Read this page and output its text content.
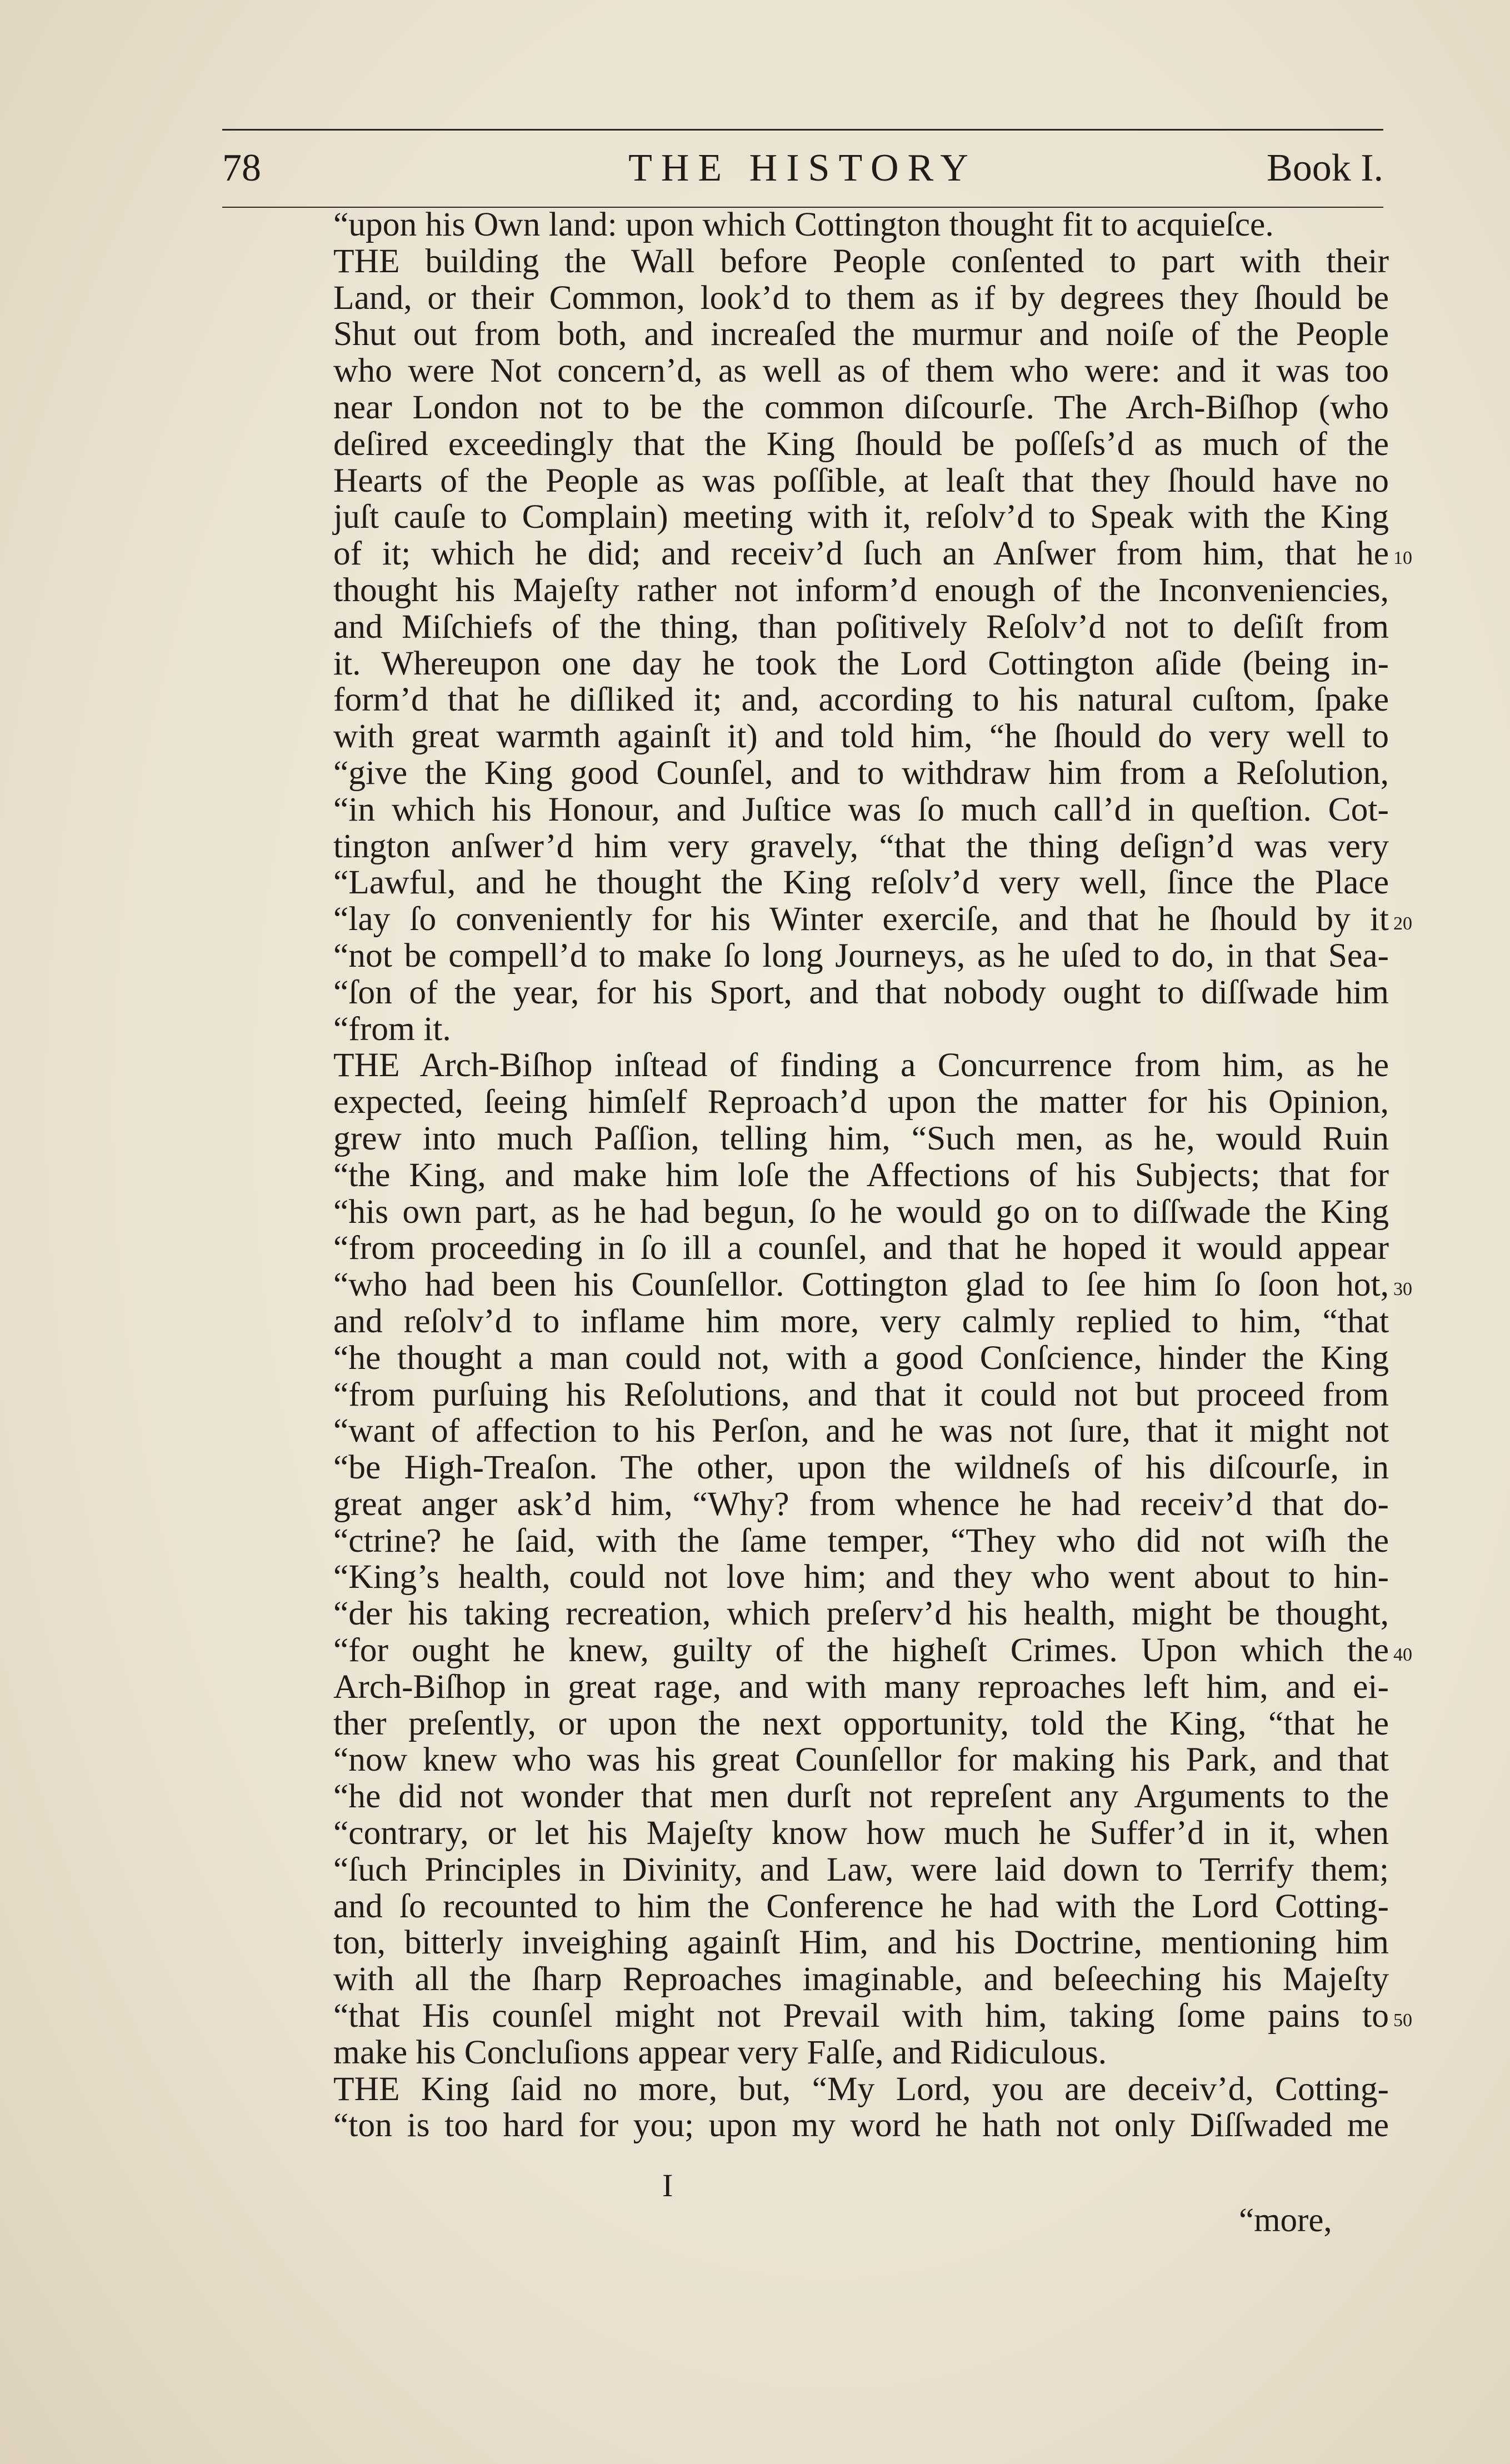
78	THE HISTORY	Book I.
“upon his Own land: upon which Cottington thought fit to acquieſce.
THE building the Wall before People conſented to part with their
Land, or their Common, look’d to them as if by degrees they ſhould be
Shut out from both, and increaſed the murmur and noiſe of the People
who were Not concern’d, as well as of them who were: and it was too
near London not to be the common diſcourſe. The Arch-Biſhop (who
deſired exceedingly that the King ſhould be poſſeſs’d as much of the
Hearts of the People as was poſſible, at leaſt that they ſhould have no
juſt cauſe to Complain) meeting with it, reſolv’d to Speak with the King
of it; which he did; and receiv’d ſuch an Anſwer from him, that he
thought his Majeſty rather not inform’d enough of the Inconveniencies,
and Miſchiefs of the thing, than poſitively Reſolv’d not to deſiſt from
it. Whereupon one day he took the Lord Cottington aſide (being in-
form’d that he diſliked it; and, according to his natural cuſtom, ſpake
with great warmth againſt it) and told him, “he ſhould do very well to
“give the King good Counſel, and to withdraw him from a Reſolution,
“in which his Honour, and Juſtice was ſo much call’d in queſtion. Cot-
tington anſwer’d him very gravely, “that the thing deſign’d was very
“Lawful, and he thought the King reſolv’d very well, ſince the Place
“lay ſo conveniently for his Winter exerciſe, and that he ſhould by it
“not be compell’d to make ſo long Journeys, as he uſed to do, in that Sea-
“ſon of the year, for his Sport, and that nobody ought to diſſwade him
“from it.
THE Arch-Biſhop inſtead of finding a Concurrence from him, as he
expected, ſeeing himſelf Reproach’d upon the matter for his Opinion,
grew into much Paſſion, telling him, “Such men, as he, would Ruin
“the King, and make him loſe the Affections of his Subjects; that for
“his own part, as he had begun, ſo he would go on to diſſwade the King
“from proceeding in ſo ill a counſel, and that he hoped it would appear
“who had been his Counſellor. Cottington glad to ſee him ſo ſoon hot,
and reſolv’d to inflame him more, very calmly replied to him, “that
“he thought a man could not, with a good Conſcience, hinder the King
“from purſuing his Reſolutions, and that it could not but proceed from
“want of affection to his Perſon, and he was not ſure, that it might not
“be High-Treaſon. The other, upon the wildneſs of his diſcourſe, in
great anger ask’d him, “Why? from whence he had receiv’d that do-
“ctrine? he ſaid, with the ſame temper, “They who did not wiſh the
“King’s health, could not love him; and they who went about to hin-
“der his taking recreation, which preſerv’d his health, might be thought,
“for ought he knew, guilty of the higheſt Crimes. Upon which the
Arch-Biſhop in great rage, and with many reproaches left him, and ei-
ther preſently, or upon the next opportunity, told the King, “that he
“now knew who was his great Counſellor for making his Park, and that
“he did not wonder that men durſt not repreſent any Arguments to the
“contrary, or let his Majeſty know how much he Suffer’d in it, when
“ſuch Principles in Divinity, and Law, were laid down to Terrify them;
and ſo recounted to him the Conference he had with the Lord Cotting-
ton, bitterly inveighing againſt Him, and his Doctrine, mentioning him
with all the ſharp Reproaches imaginable, and beſeeching his Majeſty
“that His counſel might not Prevail with him, taking ſome pains to
make his Concluſions appear very Falſe, and Ridiculous.
THE King ſaid no more, but, “My Lord, you are deceiv’d, Cotting-
“ton is too hard for you; upon my word he hath not only Diſſwaded me
10
20
30
40
50
I
“more,
